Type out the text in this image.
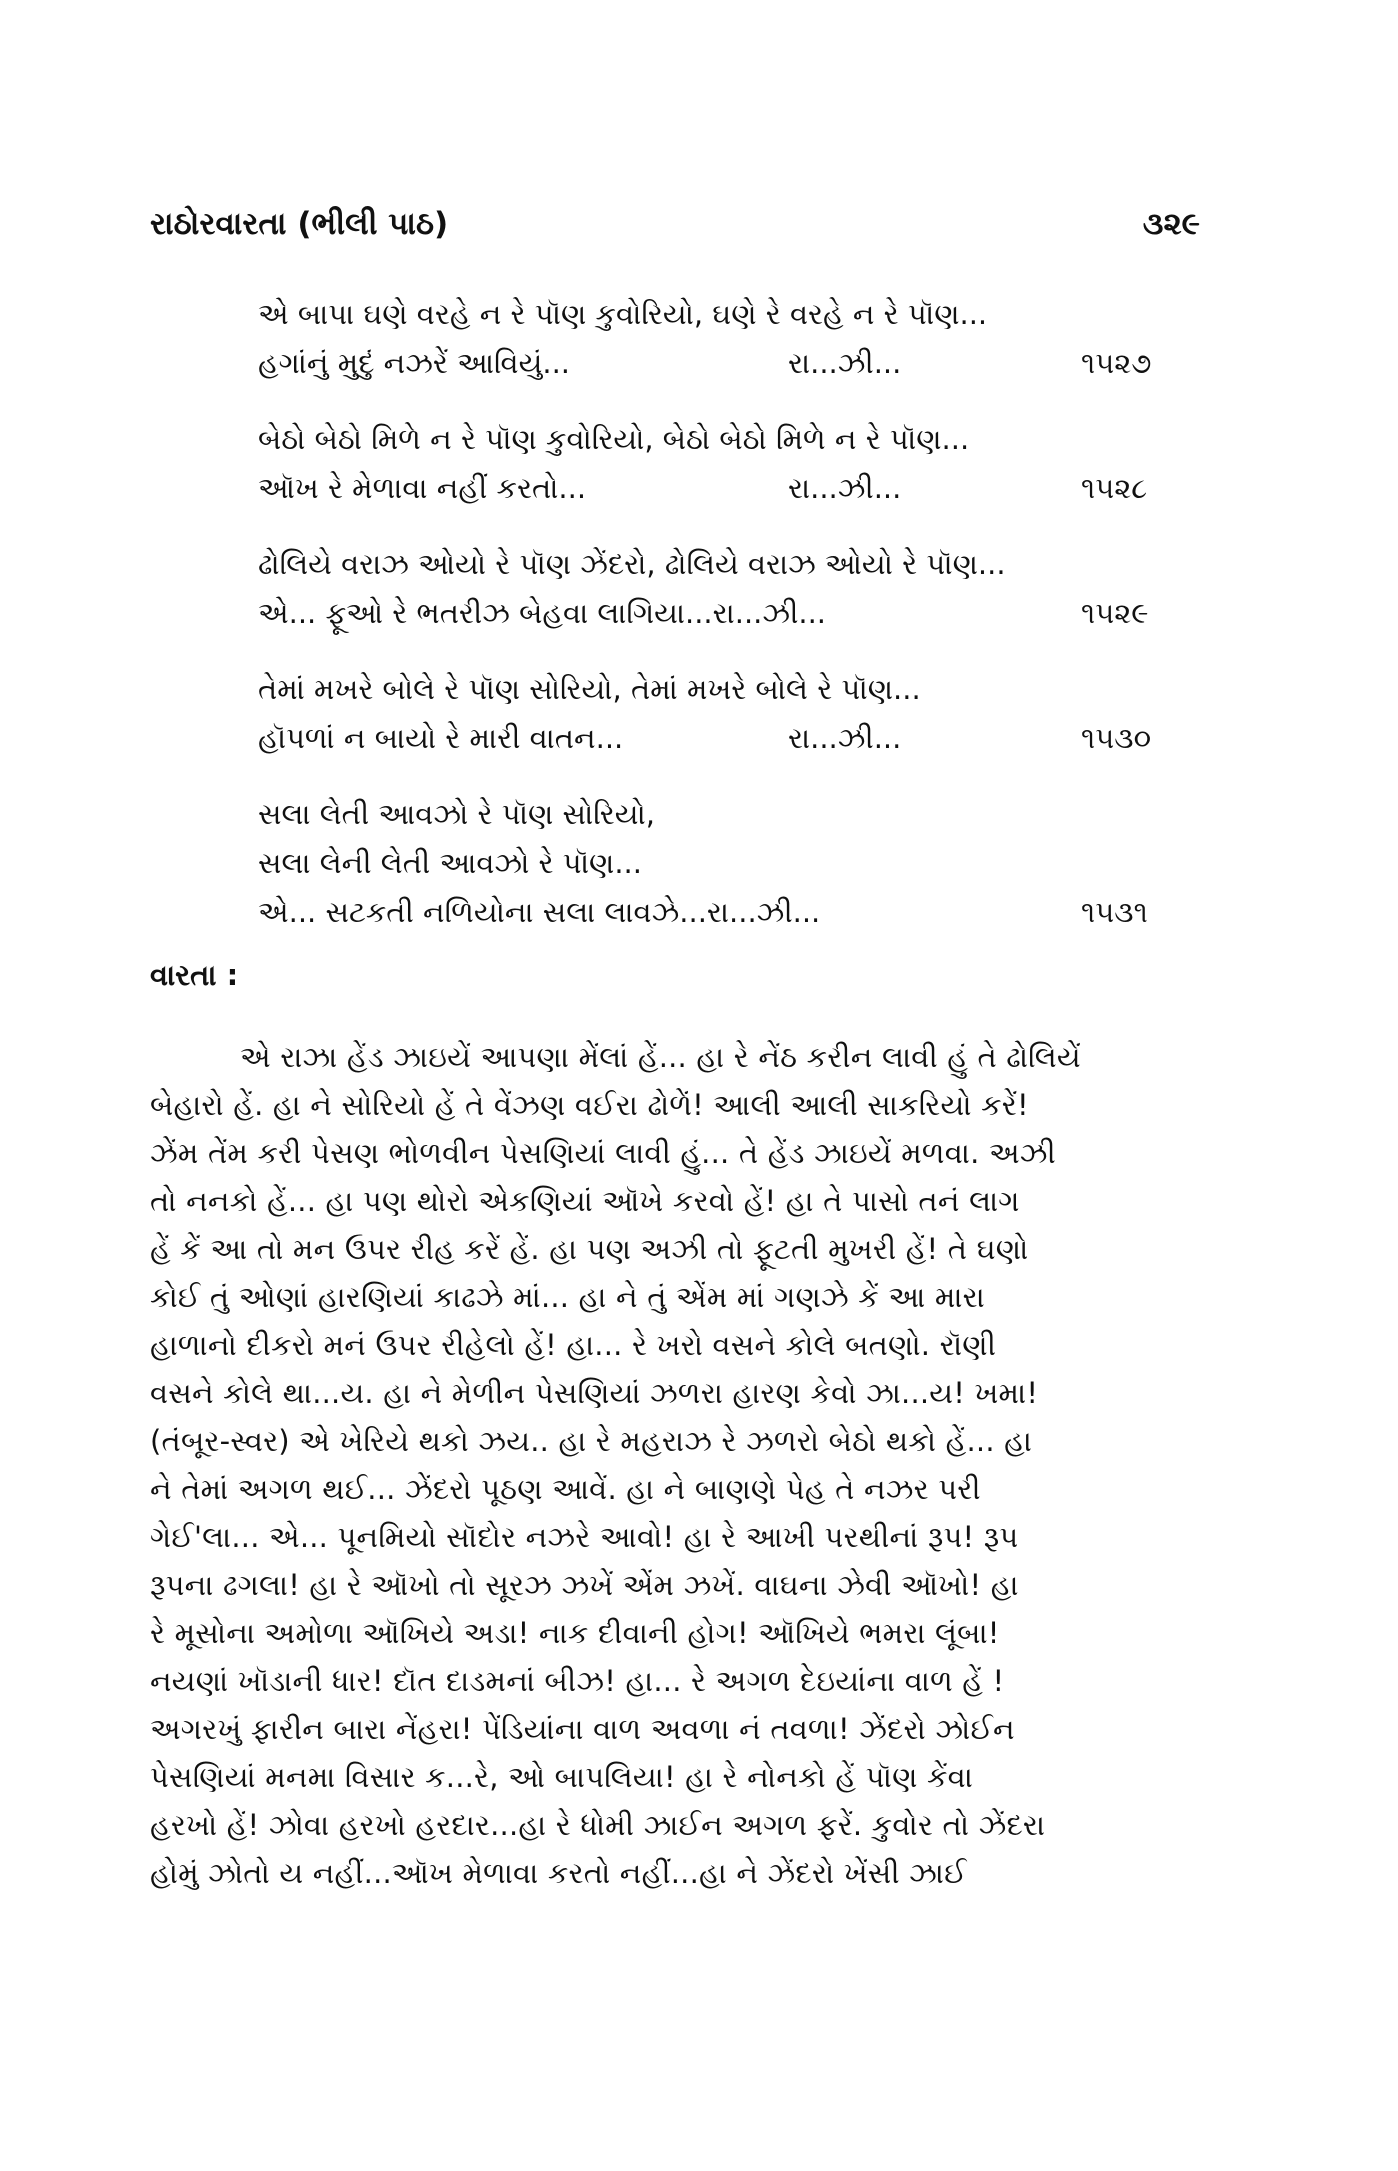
રાઠોરવારતા (ભીલી પાઠ)	૩૨૯
એ બાપા ઘણે વરહે ન રે પૉણ કુવોરિયો, ઘણે રે વરહે ન રે પૉણ...
હગાંનું મુદું નઝરેં આવિયું...	રા...ઝી...	૧૫૨૭
બેઠો બેઠો મિળે ન રે પૉણ કુવોરિયો, બેઠો બેઠો મિળે ન રે પૉણ...
ઑખ રે મેળાવા નહીં કરતો...	રા...ઝી...	૧૫૨૮
ઢોલિયે વરાઝ ઓયો રે પૉણ ઝેંદરો, ઢોલિયે વરાઝ ઓયો રે પૉણ...
એ... ફૂઓ રે ભતરીઝ બેહવા લાગિયા...રા...ઝી...	૧૫૨૯
તેમાં મખરે બોલે રે પૉણ સોરિયો, તેમાં મખરે બોલે રે પૉણ...
હૉપળાં ન બાયો રે મારી વાતન...	રા...ઝી...	૧૫૩૦
સલા લેતી આવઝો રે પૉણ સોરિયો,
સલા લેની લેતી આવઝો રે પૉણ...
એ... સટકતી નળિયોના સલા લાવઝે...રા...ઝી...	૧૫૩૧
વારતા :
એ રાઝા હેંડ ઝાઇયેં આપણા મેંલાં હેં... હા રે નેંઠ કરીન લાવી હું તે ઢોલિયેં
બેહારો હેં. હા ને સોરિયો હેં તે વેંઝણ વઈરા ઢોળેં! આલી આલી સાકરિયો કરેં!
ઝેંમ તેંમ કરી પેસણ ભોળવીન પેસણિયાં લાવી હું... તે હેંડ ઝાઇયેં મળવા. અઝી
તો નનકો હેં... હા પણ થોરો એકણિયાં ઑખે કરવો હેં! હા તે પાસો તનં લાગ
હેં કેં આ તો મન ઉપર રીહ કરેં હેં. હા પણ અઝી તો ફૂટતી મુખરી હેં! તે ઘણો
કોઈ તું ઓણાં હારણિયાં કાઢઝે માં... હા ને તું એંમ માં ગણઝે કેં આ મારા
હાળાનો દીકરો મનં ઉપર રીહેલો હેં! હા... રે ખરો વસને કોલે બતણો. રૉણી
વસને કોલે થા...ય. હા ને મેળીન પેસણિયાં ઝળરા હારણ કેવો ઝા...ય! ખમા!
(તંબૂર-સ્વર) એ ખેરિયે થકો ઝય.. હા રે મહરાઝ રે ઝળરો બેઠો થકો હેં... હા
ને તેમાં અગળ થઈ... ઝેંદરો પૂઠણ આવેં. હા ને બાણણે પેહ તે નઝર પરી
ગેઈ'લા... એ... પૂનમિયો સૉદોર નઝરે આવો! હા રે આખી પરથીનાં રૂપ! રૂપ
રૂપના ઢગલા! હા રે ઑખો તો સૂરઝ ઝખેં એંમ ઝખેં. વાઘના ઝેવી ઑખો! હા
રે મૂસોના અમોળા ઑખિયે અડા! નાક દીવાની હોગ! ઑખિયે ભમરા લૂંબા!
નયણાં ખૉડાની ધાર! દૉત દાડમનાં બીઝ! હા... રે અગળ દેઇયાંના વાળ હેં !
અગરખું ફારીન બારા નેંહરા! પેંડિયાંના વાળ અવળા નં તવળા! ઝેંદરો ઝોઈન
પેસણિયાં મનમા વિસાર ક...રે, ઓ બાપલિયા! હા રે નોનકો હેં પૉણ કેંવા
હરખો હેં! ઝોવા હરખો હરદાર...હા રે ધોમી ઝાઈન અગળ ફરેં. કુવોર તો ઝેંદરા
હોમું ઝોતો ય નહીં...ઑખ મેળાવા કરતો નહીં...હા ને ઝેંદરો ખેંસી ઝાઈ
